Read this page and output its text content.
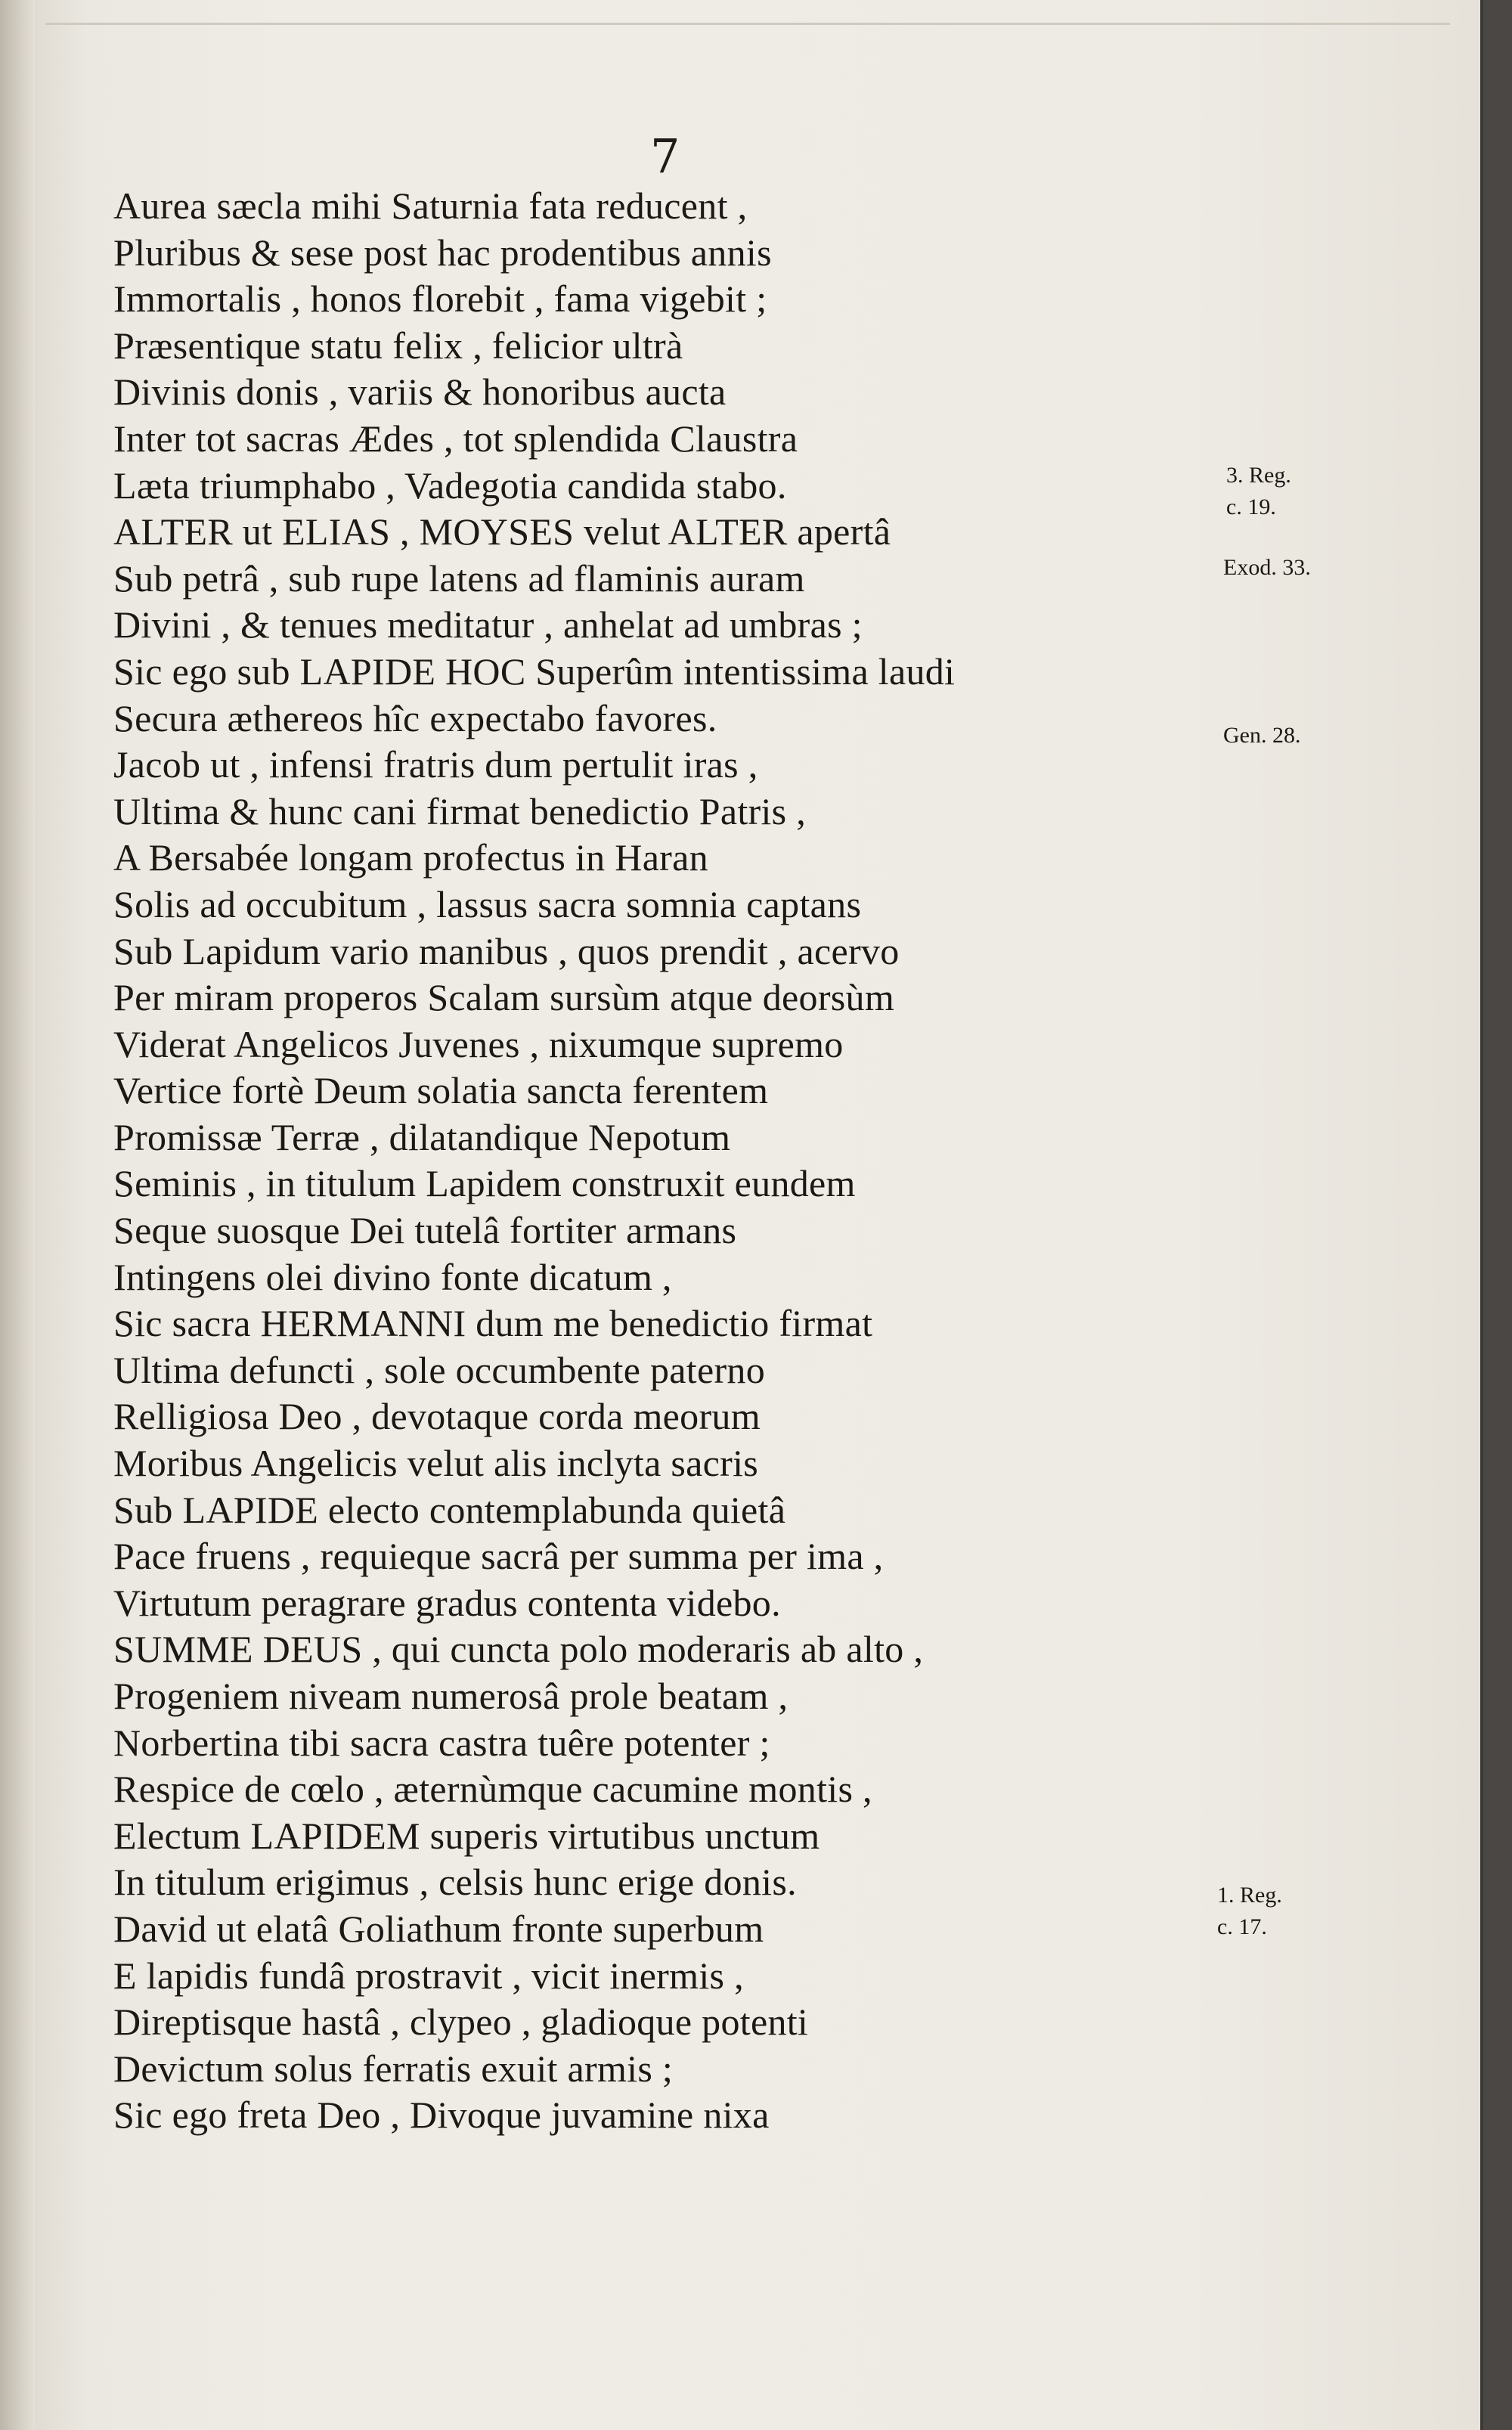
7
Aurea sæcla mihi Saturnia fata reducent ,
Pluribus & sese post hac prodentibus annis
Immortalis , honos florebit , fama vigebit ;
Præsentique statu felix , felicior ultrà
Divinis donis , variis & honoribus aucta
Inter tot sacras Ædes , tot splendida Claustra
Læta triumphabo , Vadegotia candida stabo.
ALTER ut ELIAS , MOYSES velut ALTER apertâ
Sub petrâ , sub rupe latens ad flaminis auram
Divini , & tenues meditatur , anhelat ad umbras ;
Sic ego sub LAPIDE HOC Superûm intentissima laudi
Secura æthereos hîc expectabo favores.
Jacob ut , infensi fratris dum pertulit iras ,
Ultima & hunc cani firmat benedictio Patris ,
A Bersabée longam profectus in Haran
Solis ad occubitum , lassus sacra somnia captans
Sub Lapidum vario manibus , quos prendit , acervo
Per miram properos Scalam sursùm atque deorsùm
Viderat Angelicos Juvenes , nixumque supremo
Vertice fortè Deum solatia sancta ferentem
Promissæ Terræ , dilatandique Nepotum
Seminis , in titulum Lapidem construxit eundem
Seque suosque Dei tutelâ fortiter armans
Intingens olei divino fonte dicatum ,
Sic sacra HERMANNI dum me benedictio firmat
Ultima defuncti , sole occumbente paterno
Relligiosa Deo , devotaque corda meorum
Moribus Angelicis velut alis inclyta sacris
Sub LAPIDE electo contemplabunda quietâ
Pace fruens , requieque sacrâ per summa per ima ,
Virtutum peragrare gradus contenta videbo.
SUMME DEUS , qui cuncta polo moderaris ab alto ,
Progeniem niveam numerosâ prole beatam ,
Norbertina tibi sacra castra tuêre potenter ;
Respice de cœlo , æternùmque cacumine montis ,
Electum LAPIDEM superis virtutibus unctum
In titulum erigimus , celsis hunc erige donis.
David ut elatâ Goliathum fronte superbum
E lapidis fundâ prostravit , vicit inermis ,
Direptisque hastâ , clypeo , gladioque potenti
Devictum solus ferratis exuit armis ;
Sic ego freta Deo , Divoque juvamine nixa
3. Reg.
c. 19.
Exod. 33.
Gen. 28.
1. Reg.
c. 17.
